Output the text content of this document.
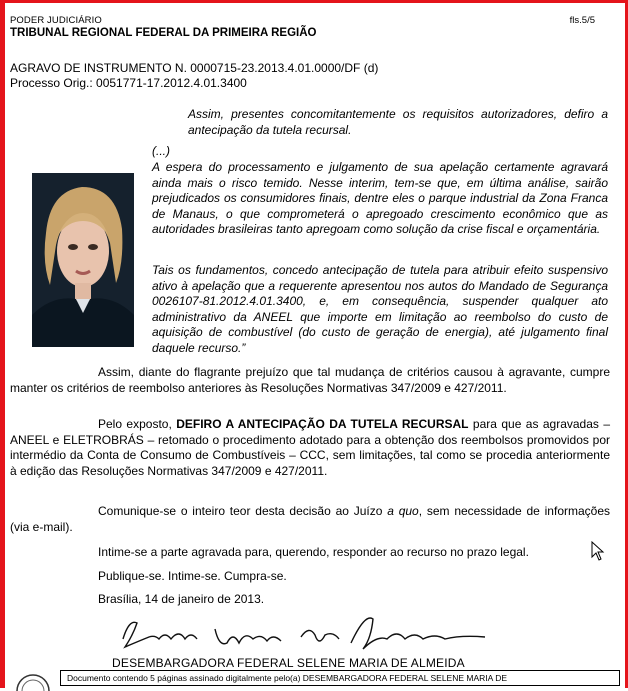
PODER JUDICIÁRIO
TRIBUNAL REGIONAL FEDERAL DA PRIMEIRA REGIÃO
fls.5/5
AGRAVO DE INSTRUMENTO N. 0000715-23.2013.4.01.0000/DF (d)
Processo Orig.: 0051771-17.2012.4.01.3400
Assim, presentes concomitantemente os requisitos autorizadores, defiro a antecipação da tutela recursal.
(...)
A espera do processamento e julgamento de sua apelação certamente agravará ainda mais o risco temido. Nesse interim, tem-se que, em última análise, sairão prejudicados os consumidores finais, dentre eles o parque industrial da Zona Franca de Manaus, o que comprometerá o apregoado crescimento econômico que as autoridades brasileiras tanto apregoam como solução da crise fiscal e orçamentária.
Tais os fundamentos, concedo antecipação de tutela para atribuir efeito suspensivo ativo à apelação que a requerente apresentou nos autos do Mandado de Segurança 0026107-81.2012.4.01.3400, e, em consequência, suspender qualquer ato administrativo da ANEEL que importe em limitação ao reembolso do custo de aquisição de combustível (do custo de geração de energia), até julgamento final daquele recurso.”
Assim, diante do flagrante prejuízo que tal mudança de critérios causou à agravante, cumpre manter os critérios de reembolso anteriores às Resoluções Normativas 347/2009 e 427/2011.
Pelo exposto, DEFIRO A ANTECIPAÇÃO DA TUTELA RECURSAL para que as agravadas – ANEEL e ELETROBRÁS – retomado o procedimento adotado para a obtenção dos reembolsos promovidos por intermédio da Conta de Consumo de Combustíveis – CCC, sem limitações, tal como se procedia anteriormente à edição das Resoluções Normativas 347/2009 e 427/2011.
Comunique-se o inteiro teor desta decisão ao Juízo a quo, sem necessidade de informações (via e-mail).
Intime-se a parte agravada para, querendo, responder ao recurso no prazo legal.
Publique-se. Intime-se. Cumpra-se.
Brasília, 14 de janeiro de 2013.
DESEMBARGADORA FEDERAL SELENE MARIA DE ALMEIDA
Documento contendo 5 páginas assinado digitalmente pelo(a) DESEMBARGADORA FEDERAL SELENE MARIA DE
